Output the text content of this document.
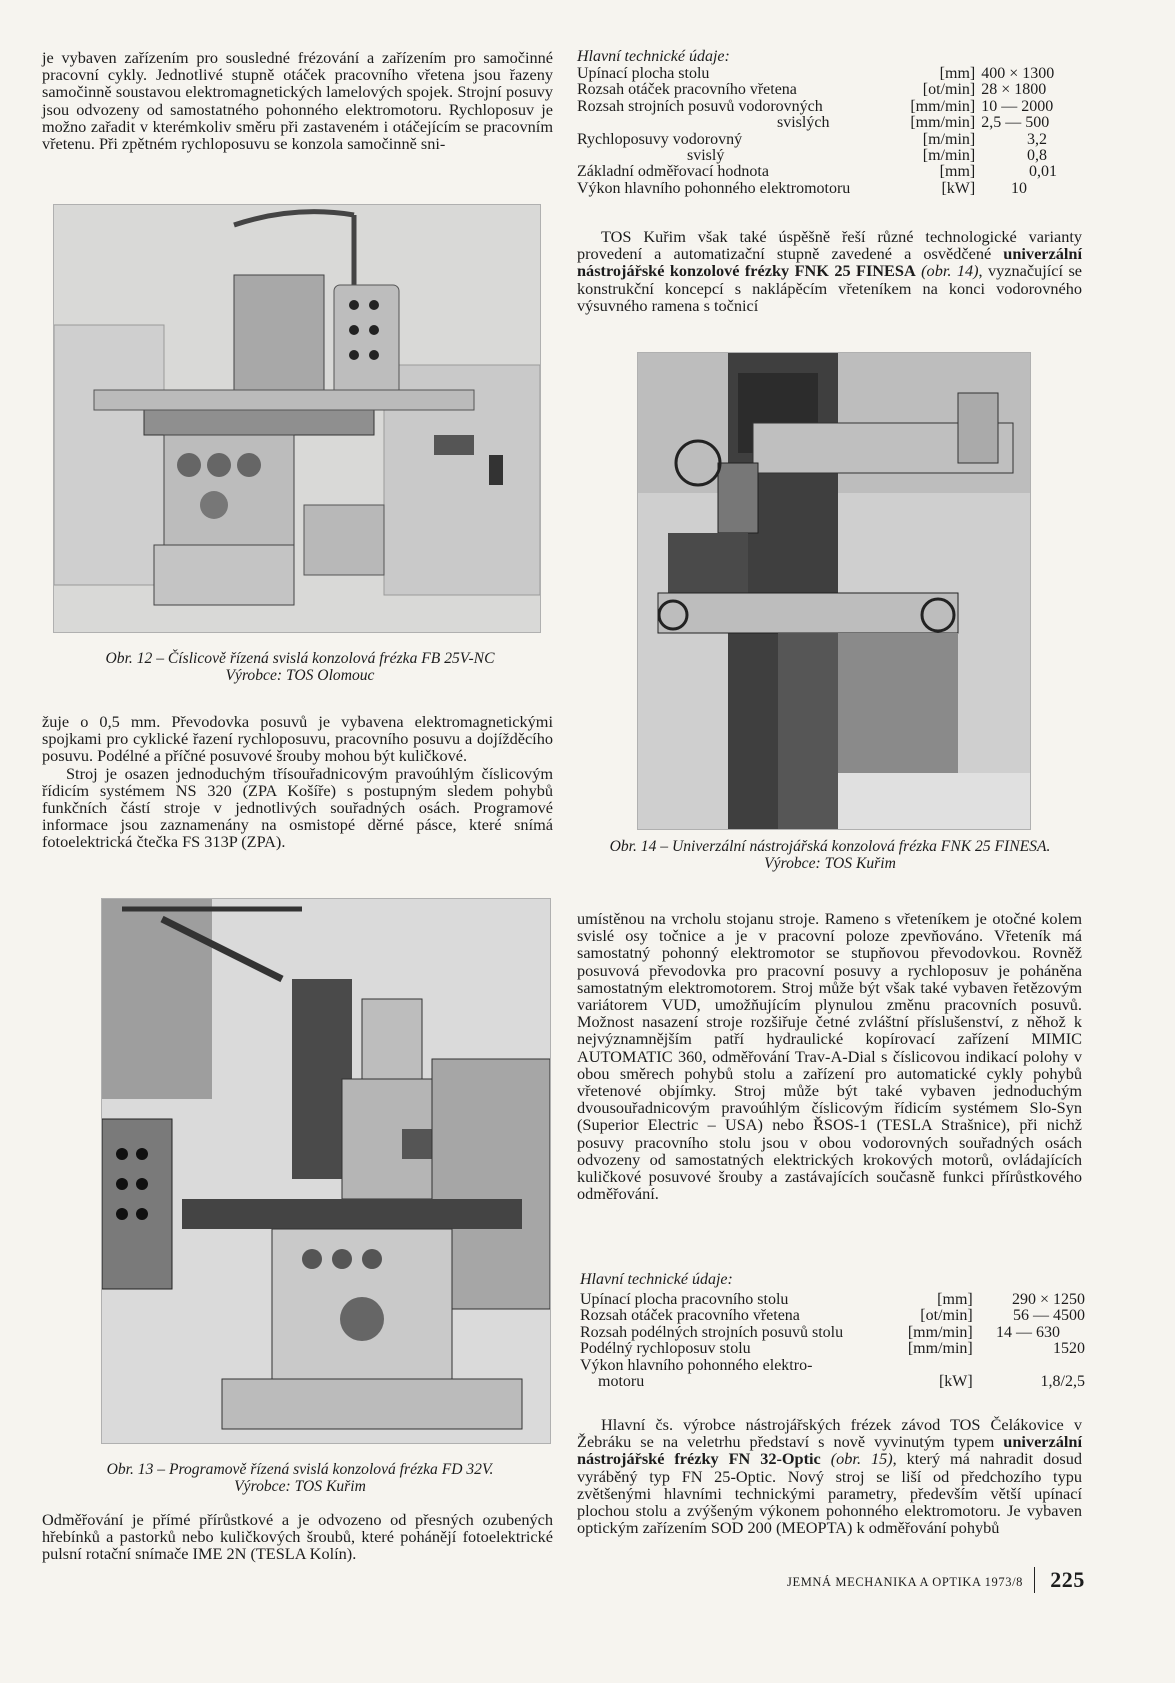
je vybaven zařízením pro sousledné frézování a zařízením pro samočinné pracovní cykly. Jednotlivé stupně otáček pracovního vřetena jsou řazeny samočinně soustavou elektromagnetických lamelových spojek. Strojní posuvy jsou odvozeny od samostatného pohonného elektromotoru. Rychloposuv je možno zařadit v kterémkoliv směru při zastaveném i otáčejícím se pracovním vřetenu. Při zpětném rychloposuvu se konzola samočinně sni-

Hlavní technické údaje:
Upínací plocha stolu	[mm]	400 × 1300
Rozsah otáček pracovního vřetena	[ot/min]	28 × 1800
Rozsah strojních posuvů vodorovných	[mm/min]	10 — 2000
svislých	[mm/min]	2,5 — 500
Rychloposuvy vodorovný	[m/min]	3,2
svislý	[m/min]	0,8
Základní odměřovací hodnota	[mm]	0,01
Výkon hlavního pohonného elektromotoru	[kW]	10

TOS Kuřim však také úspěšně řeší různé technologické varianty provedení a automatizační stupně zavedené a osvědčené univerzální nástrojářské konzolové frézky FNK 25 FINESA (obr. 14), vyznačující se konstrukční koncepcí s naklápěcím vřeteníkem na konci vodorovného výsuvného ramena s točnicí

Obr. 12 – Číslicově řízená svislá konzolová frézka FB 25V-NC
Výrobce: TOS Olomouc

žuje o 0,5 mm. Převodovka posuvů je vybavena elektromagnetickými spojkami pro cyklické řazení rychloposuvu, pracovního posuvu a dojížděcího posuvu. Podélné a příčné posuvové šrouby mohou být kuličkové.

Stroj je osazen jednoduchým třísouřadnicovým pravoúhlým číslicovým řídicím systémem NS 320 (ZPA Košíře) s postupným sledem pohybů funkčních částí stroje v jednotlivých souřadných osách. Programové informace jsou zaznamenány na osmistopé děrné pásce, které snímá fotoelektrická čtečka FS 313P (ZPA).	Obr. 14 – Univerzální nástrojářská konzolová frézka FNK 25 FINESA.
Výrobce: TOS Kuřim
Obr. 13 – Programově řízená svislá konzolová frézka FD 32V.
Výrobce: TOS Kuřim

Odměřování je přímé přírůstkové a je odvozeno od přesných ozubených hřebínků a pastorků nebo kuličkových šroubů, které pohánějí fotoelektrické pulsní rotační snímače IME 2N (TESLA Kolín).

umístěnou na vrcholu stojanu stroje. Rameno s vřeteníkem je otočné kolem svislé osy točnice a je v pracovní poloze zpevňováno. Vřeteník má samostatný pohonný elektromotor se stupňovou převodovkou. Rovněž posuvová převodovka pro pracovní posuvy a rychloposuv je poháněna samostatným elektromotorem. Stroj může být však také vybaven řetězovým variátorem VUD, umožňujícím plynulou změnu pracovních posuvů. Možnost nasazení stroje rozšiřuje četné zvláštní příslušenství, z něhož k nejvýznamnějším patří hydraulické kopírovací zařízení MIMIC AUTOMATIC 360, odměřování Trav-A-Dial s číslicovou indikací polohy v obou směrech pohybů stolu a zařízení pro automatické cykly pohybů vřetenové objímky. Stroj může být také vybaven jednoduchým dvousouřadnicovým pravoúhlým číslicovým řídicím systémem Slo-Syn (Superior Electric – USA) nebo ŘSOS-1 (TESLA Strašnice), při nichž posuvy pracovního stolu jsou v obou vodorovných souřadných osách odvozeny od samostatných elektrických krokových motorů, ovládajících kuličkové posuvové šrouby a zastávajících současně funkci přírůstkového odměřování.

Hlavní technické údaje:
Upínací plocha pracovního stolu	[mm]	290 × 1250
Rozsah otáček pracovního vřetena	[ot/min]	56 — 4500
Rozsah podélných strojních posuvů stolu	[mm/min]	14 — 630
Podélný rychloposuv stolu	[mm/min]	1520
Výkon hlavního pohonného elektro-		
motoru	[kW]	1,8/2,5

Hlavní čs. výrobce nástrojářských frézek závod TOS Čelákovice v Žebráku se na veletrhu představí s nově vyvinutým typem univerzální nástrojářské frézky FN 32-Optic (obr. 15), který má nahradit dosud vyráběný typ FN 25-Optic. Nový stroj se liší od předchozího typu zvětšenými hlavními technickými parametry, především větší upínací plochou stolu a zvýšeným výkonem pohonného elektromotoru. Je vybaven optickým zařízením SOD 200 (MEOPTA) k odměřování pohybů

JEMNÁ MECHANIKA A OPTIKA 1973/8 225
